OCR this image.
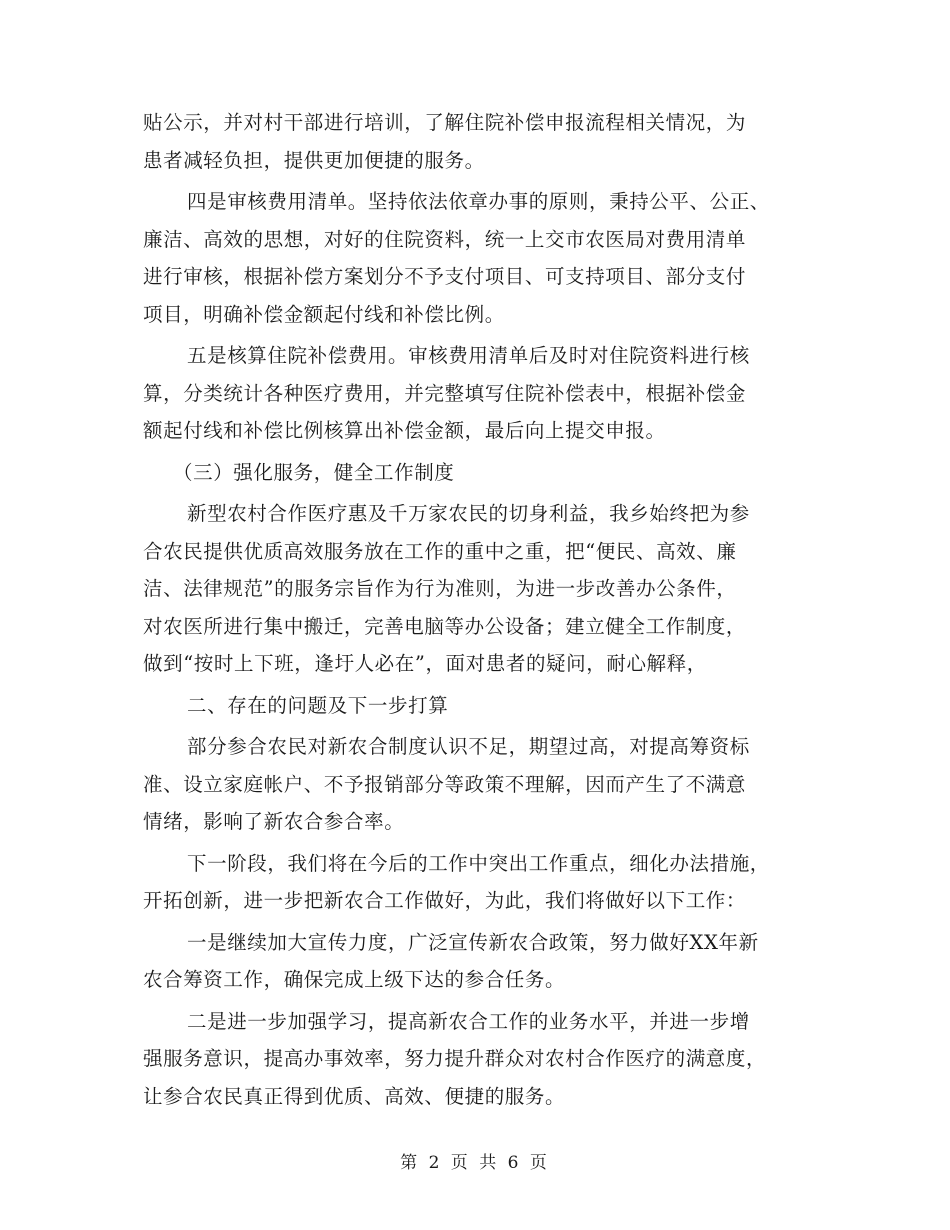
贴公示，并对村干部进行培训，了解住院补偿申报流程相关情况，为
患者减轻负担，提供更加便捷的服务。

四是审核费用清单。坚持依法依章办事的原则，秉持公平、公正、
廉洁、高效的思想，对好的住院资料，统一上交市农医局对费用清单
进行审核，根据补偿方案划分不予支付项目、可支持项目、部分支付
项目，明确补偿金额起付线和补偿比例。

五是核算住院补偿费用。审核费用清单后及时对住院资料进行核
算，分类统计各种医疗费用，并完整填写住院补偿表中，根据补偿金
额起付线和补偿比例核算出补偿金额，最后向上提交申报。

（三）强化服务，健全工作制度

新型农村合作医疗惠及千万家农民的切身利益，我乡始终把为参
合农民提供优质高效服务放在工作的重中之重，把“便民、高效、廉
洁、法律规范”的服务宗旨作为行为准则，为进一步改善办公条件，
对农医所进行集中搬迁，完善电脑等办公设备；建立健全工作制度，
做到“按时上下班，逢圩人必在”，面对患者的疑问，耐心解释，

二、存在的问题及下一步打算

部分参合农民对新农合制度认识不足，期望过高，对提高筹资标
准、设立家庭帐户、不予报销部分等政策不理解，因而产生了不满意
情绪，影响了新农合参合率。

下一阶段，我们将在今后的工作中突出工作重点，细化办法措施，
开拓创新，进一步把新农合工作做好，为此，我们将做好以下工作：

一是继续加大宣传力度，广泛宣传新农合政策，努力做好XX年新
农合筹资工作，确保完成上级下达的参合任务。

二是进一步加强学习，提高新农合工作的业务水平，并进一步增
强服务意识，提高办事效率，努力提升群众对农村合作医疗的满意度，
让参合农民真正得到优质、高效、便捷的服务。

第 2 页 共 6 页
